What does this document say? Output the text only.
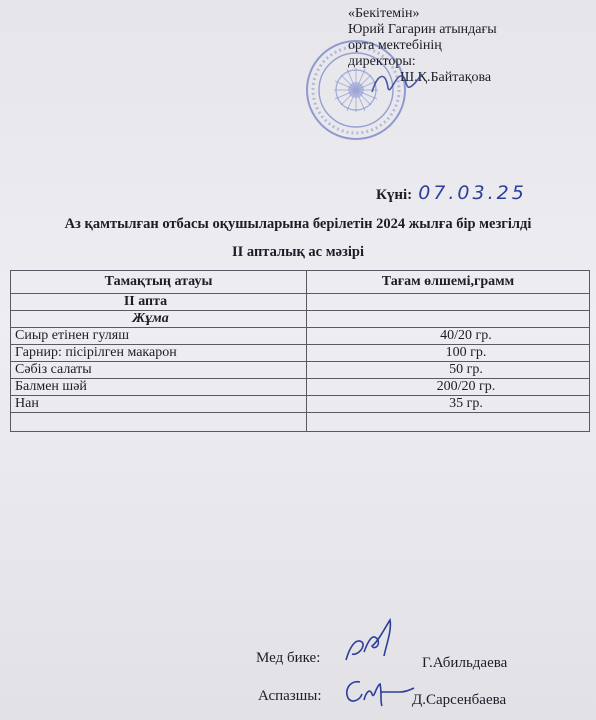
«Бекітемін»
Юрий Гагарин атындағы
орта мектебінің
директоры:
Ш.Қ.Байтақова
Күні: 07.03.25
Аз қамтылған отбасы оқушыларына берілетін 2024 жылға бір мезгілді
ІІ апталық ас мәзірі
Тамақтың атауы	Тағам өлшемі,грамм
ІІ апта	
Жұма	
Сиыр етінен гуляш	40/20 гр.
Гарнир: пісірілген макарон	100 гр.
Сәбіз салаты	50 гр.
Балмен шәй	200/20 гр.
Нан	35 гр.

Мед бике:	Г.Абильдаева
Аспазшы:	Д.Сарсенбаева
